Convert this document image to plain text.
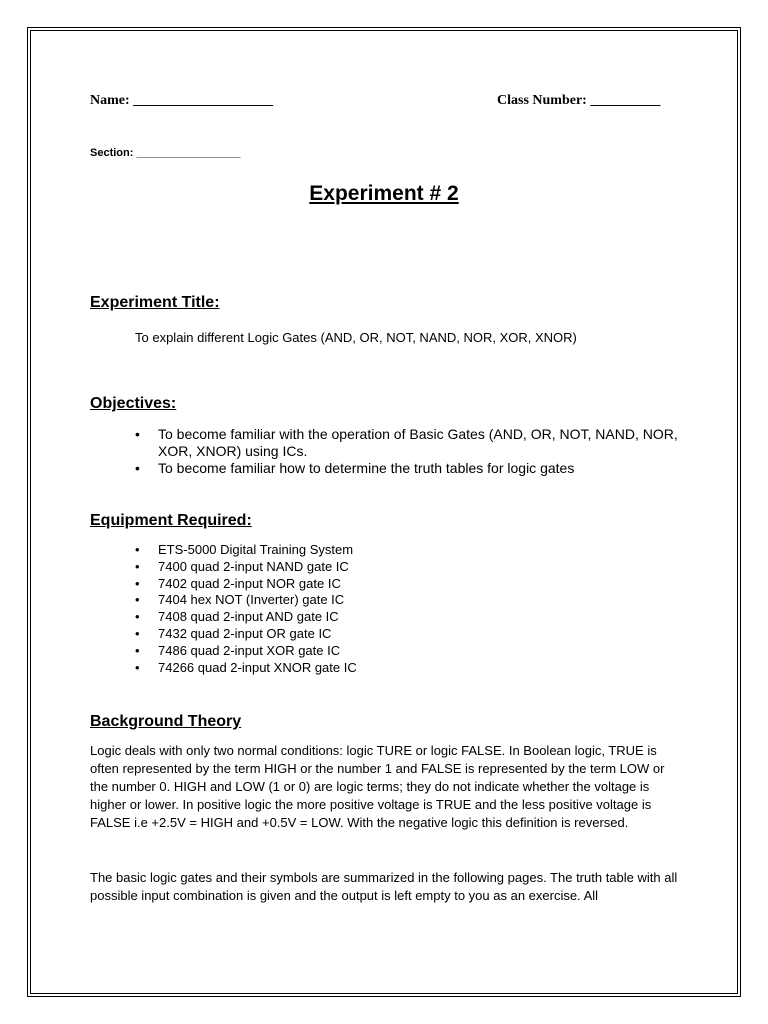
Name: ____________________	Class Number: __________
Section: _________________
Experiment # 2
Experiment Title:
To explain different Logic Gates (AND, OR, NOT, NAND, NOR, XOR, XNOR)
Objectives:
• To become familiar with the operation of Basic Gates (AND, OR, NOT, NAND, NOR, XOR, XNOR) using ICs.
• To become familiar how to determine the truth tables for logic gates
Equipment Required:
• ETS-5000 Digital Training System
• 7400 quad 2-input NAND gate IC
• 7402 quad 2-input NOR gate IC
• 7404 hex NOT (Inverter) gate IC
• 7408 quad 2-input AND gate IC
• 7432 quad 2-input OR gate IC
• 7486 quad 2-input XOR gate IC
• 74266 quad 2-input XNOR gate IC
Background Theory

Logic deals with only two normal conditions: logic TURE or logic FALSE. In Boolean logic, TRUE is often represented by the term HIGH or the number 1 and FALSE is represented by the term LOW or the number 0. HIGH and LOW (1 or 0) are logic terms; they do not indicate whether the voltage is higher or lower. In positive logic the more positive voltage is TRUE and the less positive voltage is FALSE i.e +2.5V = HIGH and +0.5V = LOW. With the negative logic this definition is reversed.

The basic logic gates and their symbols are summarized in the following pages. The truth table with all possible input combination is given and the output is left empty to you as an exercise. All
